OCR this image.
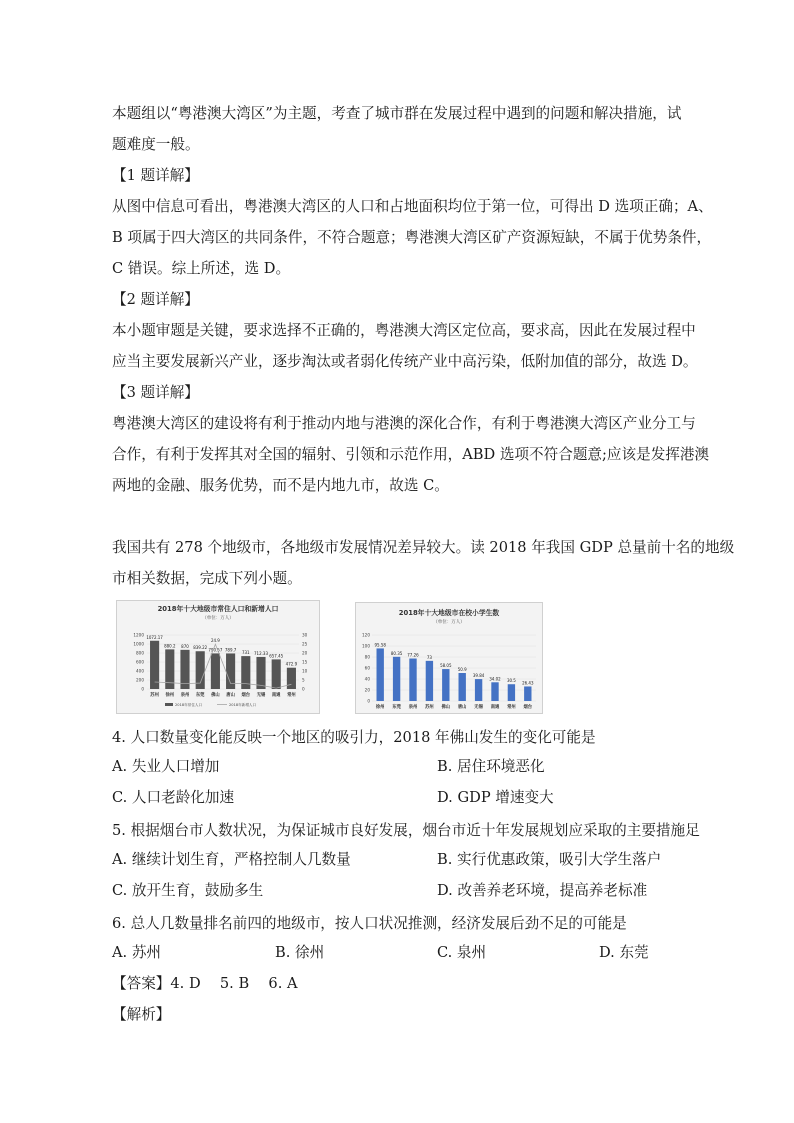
本题组以“粤港澳大湾区”为主题，考查了城市群在发展过程中遇到的问题和解决措施，试
题难度一般。
【1 题详解】
从图中信息可看出，粤港澳大湾区的人口和占地面积均位于第一位，可得出 D 选项正确；A、
B 项属于四大湾区的共同条件，不符合题意；粤港澳大湾区矿产资源短缺，不属于优势条件，
C 错误。综上所述，选 D。
【2 题详解】
本小题审题是关键，要求选择不正确的，粤港澳大湾区定位高，要求高，因此在发展过程中
应当主要发展新兴产业，逐步淘汰或者弱化传统产业中高污染，低附加值的部分，故选 D。
【3 题详解】
粤港澳大湾区的建设将有利于推动内地与港澳的深化合作，有利于粤港澳大湾区产业分工与
合作，有利于发挥其对全国的辐射、引领和示范作用，ABD 选项不符合题意;应该是发挥港澳
两地的金融、服务优势，而不是内地九市，故选 C。
我国共有 278 个地级市，各地级市发展情况差异较大。读 2018 年我国 GDP 总量前十名的地级
市相关数据，完成下列小题。
2018年十大地级市常住人口和新增人口
（单位：万人）
0
200
400
600
800
1000
1200
0
5
10
15
20
25
30
1072.17
苏州
880.2
徐州
870
泉州
839.22
东莞
790.57
佛山
789.7
唐山
731
烟台
712.33
无锡
657.45
南通
472.9
常州
24.9
2018年常住人口	2018年新增人口
2018年十大地级市在校小学生数
（单位：万人）
0
20
40
60
80
100
120
95.58
徐州
80.35
东莞
77.26
泉州
73
苏州
58.05
佛山
50.9
唐山
39.84
无锡
34.02
南通
30.5
常州
26.43
烟台
4. 人口数量变化能反映一个地区的吸引力，2018 年佛山发生的变化可能是
A. 失业人口增加	B. 居住环境恶化
C. 人口老龄化加速	D. GDP 增速变大
5. 根据烟台市人数状况，为保证城市良好发展，烟台市近十年发展规划应采取的主要措施足
A. 继续计划生育，严格控制人几数量	B. 实行优惠政策，吸引大学生落户
C. 放开生育，鼓励多生	D. 改善养老环境，提高养老标准
6. 总人几数量排名前四的地级市，按人口状况推测，经济发展后劲不足的可能是
A. 苏州	B. 徐州	C. 泉州	D. 东莞
【答案】4. D　 5. B　 6. A
【解析】
